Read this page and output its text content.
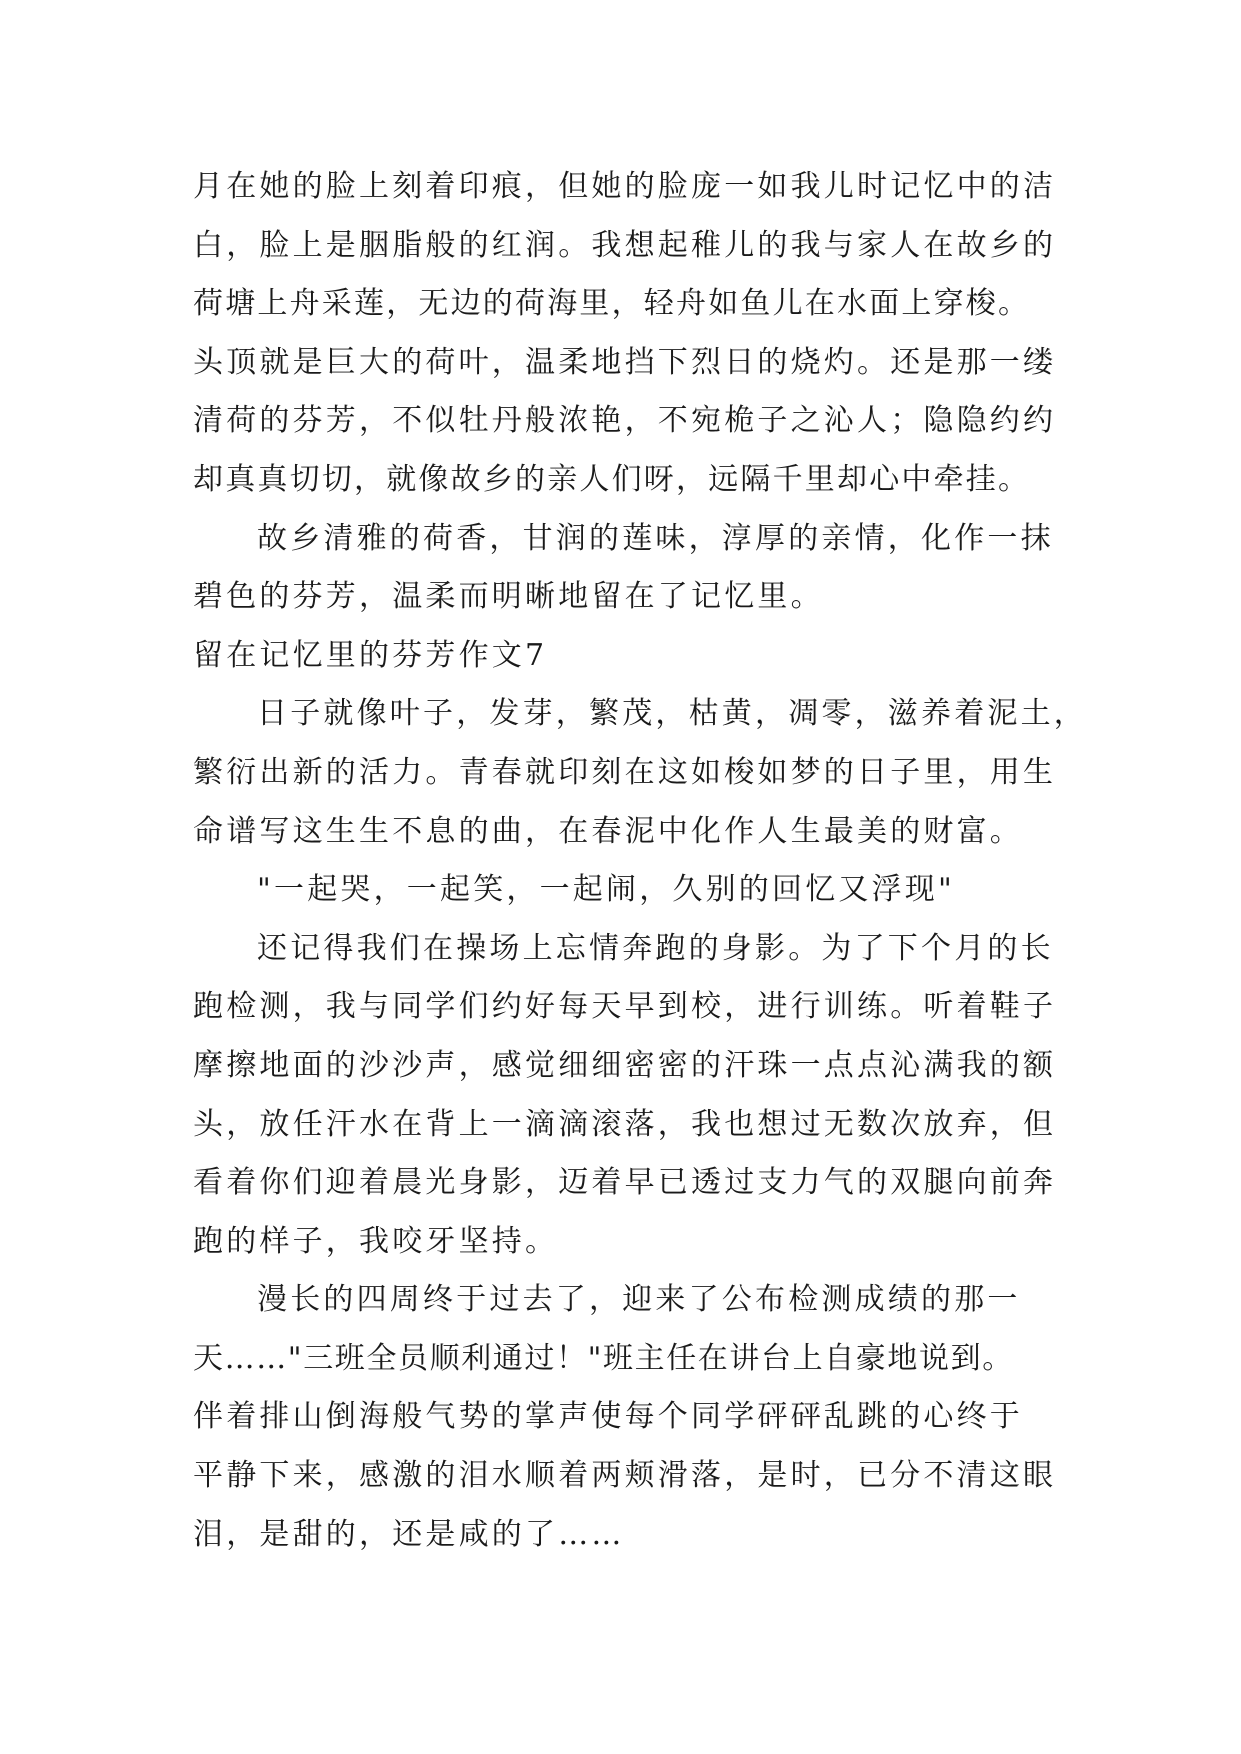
月在她的脸上刻着印痕，但她的脸庞一如我儿时记忆中的洁
白，脸上是胭脂般的红润。我想起稚儿的我与家人在故乡的
荷塘上舟采莲，无边的荷海里，轻舟如鱼儿在水面上穿梭。
头顶就是巨大的荷叶，温柔地挡下烈日的烧灼。还是那一缕
清荷的芬芳，不似牡丹般浓艳，不宛桅子之沁人；隐隐约约
却真真切切，就像故乡的亲人们呀，远隔千里却心中牵挂。
故乡清雅的荷香，甘润的莲味，淳厚的亲情，化作一抹
碧色的芬芳，温柔而明晰地留在了记忆里。
留在记忆里的芬芳作文7
日子就像叶子，发芽，繁茂，枯黄，凋零，滋养着泥土，
繁衍出新的活力。青春就印刻在这如梭如梦的日子里，用生
命谱写这生生不息的曲，在春泥中化作人生最美的财富。
"一起哭，一起笑，一起闹，久别的回忆又浮现"
还记得我们在操场上忘情奔跑的身影。为了下个月的长
跑检测，我与同学们约好每天早到校，进行训练。听着鞋子
摩擦地面的沙沙声，感觉细细密密的汗珠一点点沁满我的额
头，放任汗水在背上一滴滴滚落，我也想过无数次放弃，但
看着你们迎着晨光身影，迈着早已透过支力气的双腿向前奔
跑的样子，我咬牙坚持。
漫长的四周终于过去了，迎来了公布检测成绩的那一
天……"三班全员顺利通过！"班主任在讲台上自豪地说到。
伴着排山倒海般气势的掌声使每个同学砰砰乱跳的心终于
平静下来，感激的泪水顺着两颊滑落，是时，已分不清这眼
泪，是甜的，还是咸的了……
